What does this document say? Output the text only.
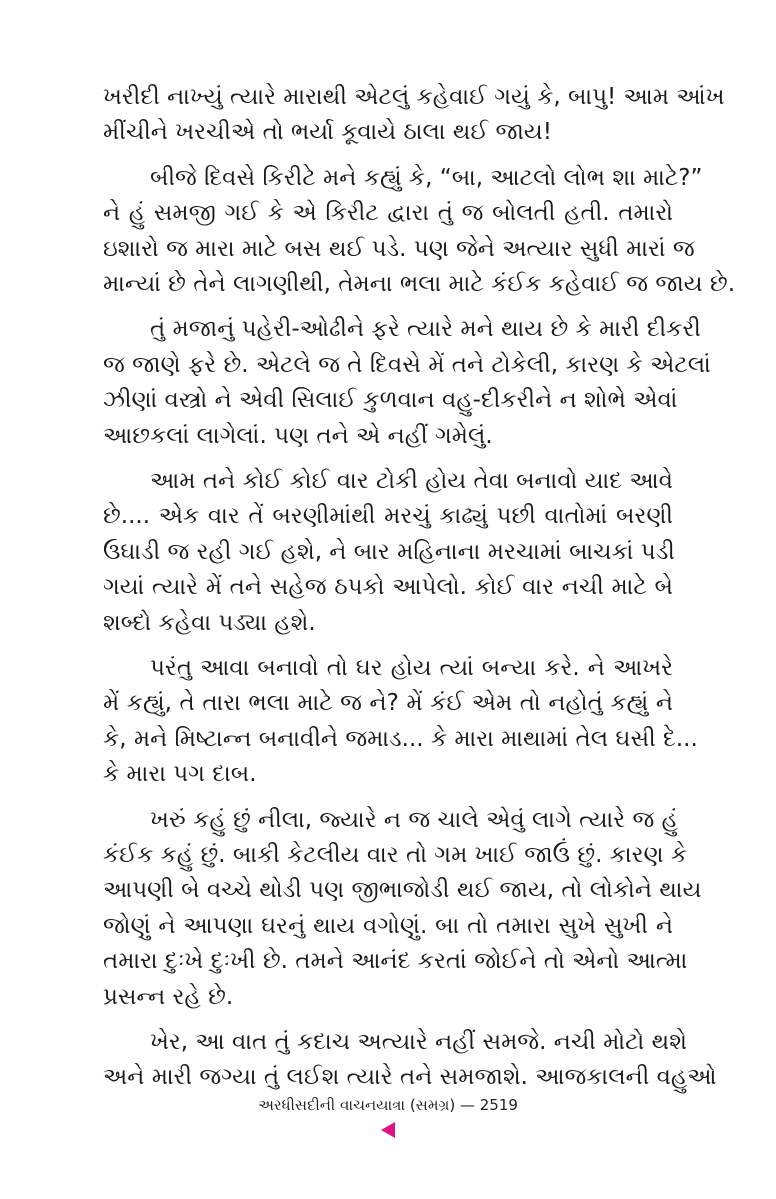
ખરીદી નાખ્યું ત્યારે મારાથી એટલું કહેવાઈ ગયું કે, બાપુ! આમ આંખ
મીંચીને ખરચીએ તો ભર્યા કૂવાયે ઠાલા થઈ જાય!
બીજે દિવસે કિરીટે મને કહ્યું કે, “બા, આટલો લોભ શા માટે?”
ને હું સમજી ગઈ કે એ કિરીટ દ્વારા તું જ બોલતી હતી. તમારો
ઇશારો જ મારા માટે બસ થઈ પડે. પણ જેને અત્યાર સુધી મારાં જ
માન્યાં છે તેને લાગણીથી, તેમના ભલા માટે કંઈક કહેવાઈ જ જાય છે.
તું મજાનું પહેરી-ઓઢીને ફરે ત્યારે મને થાય છે કે મારી દીકરી
જ જાણે ફરે છે. એટલે જ તે દિવસે મેં તને ટોકેલી, કારણ કે એટલાં
ઝીણાં વસ્ત્રો ને એવી સિલાઈ કુળવાન વહુ-દીકરીને ન શોભે એવાં
આછકલાં લાગેલાં. પણ તને એ નહીં ગમેલું.
આમ તને કોઈ કોઈ વાર ટોકી હોય તેવા બનાવો યાદ આવે
છે.... એક વાર તેં બરણીમાંથી મરચું કાઢ્યું પછી વાતોમાં બરણી
ઉઘાડી જ રહી ગઈ હશે, ને બાર મહિનાના મરચામાં બાચકાં પડી
ગયાં ત્યારે મેં તને સહેજ ઠપકો આપેલો. કોઈ વાર નચી માટે બે
શબ્દો કહેવા પડ્યા હશે.
પરંતુ આવા બનાવો તો ઘર હોય ત્યાં બન્યા કરે. ને આખરે
મેં કહ્યું, તે તારા ભલા માટે જ ને? મેં કંઈ એમ તો નહોતું કહ્યું ને
કે, મને મિષ્ટાન્ન બનાવીને જમાડ... કે મારા માથામાં તેલ ઘસી દે...
કે મારા પગ દાબ.
ખરું કહું છું નીલા, જ્યારે ન જ ચાલે એવું લાગે ત્યારે જ હું
કંઈક કહું છું. બાકી કેટલીય વાર તો ગમ ખાઈ જાઉં છું. કારણ કે
આપણી બે વચ્ચે થોડી પણ જીભાજોડી થઈ જાય, તો લોકોને થાય
જોણું ને આપણા ઘરનું થાય વગોણું. બા તો તમારા સુખે સુખી ને
તમારા દુઃખે દુઃખી છે. તમને આનંદ કરતાં જોઈને તો એનો આત્મા
પ્રસન્ન રહે છે.
ખેર, આ વાત તું કદાચ અત્યારે નહીં સમજે. નચી મોટો થશે
અને મારી જગ્યા તું લઈશ ત્યારે તને સમજાશે. આજકાલની વહુઓ
અરધીસદીની વાચનયાત્રા (સમગ્ર) — 2519
